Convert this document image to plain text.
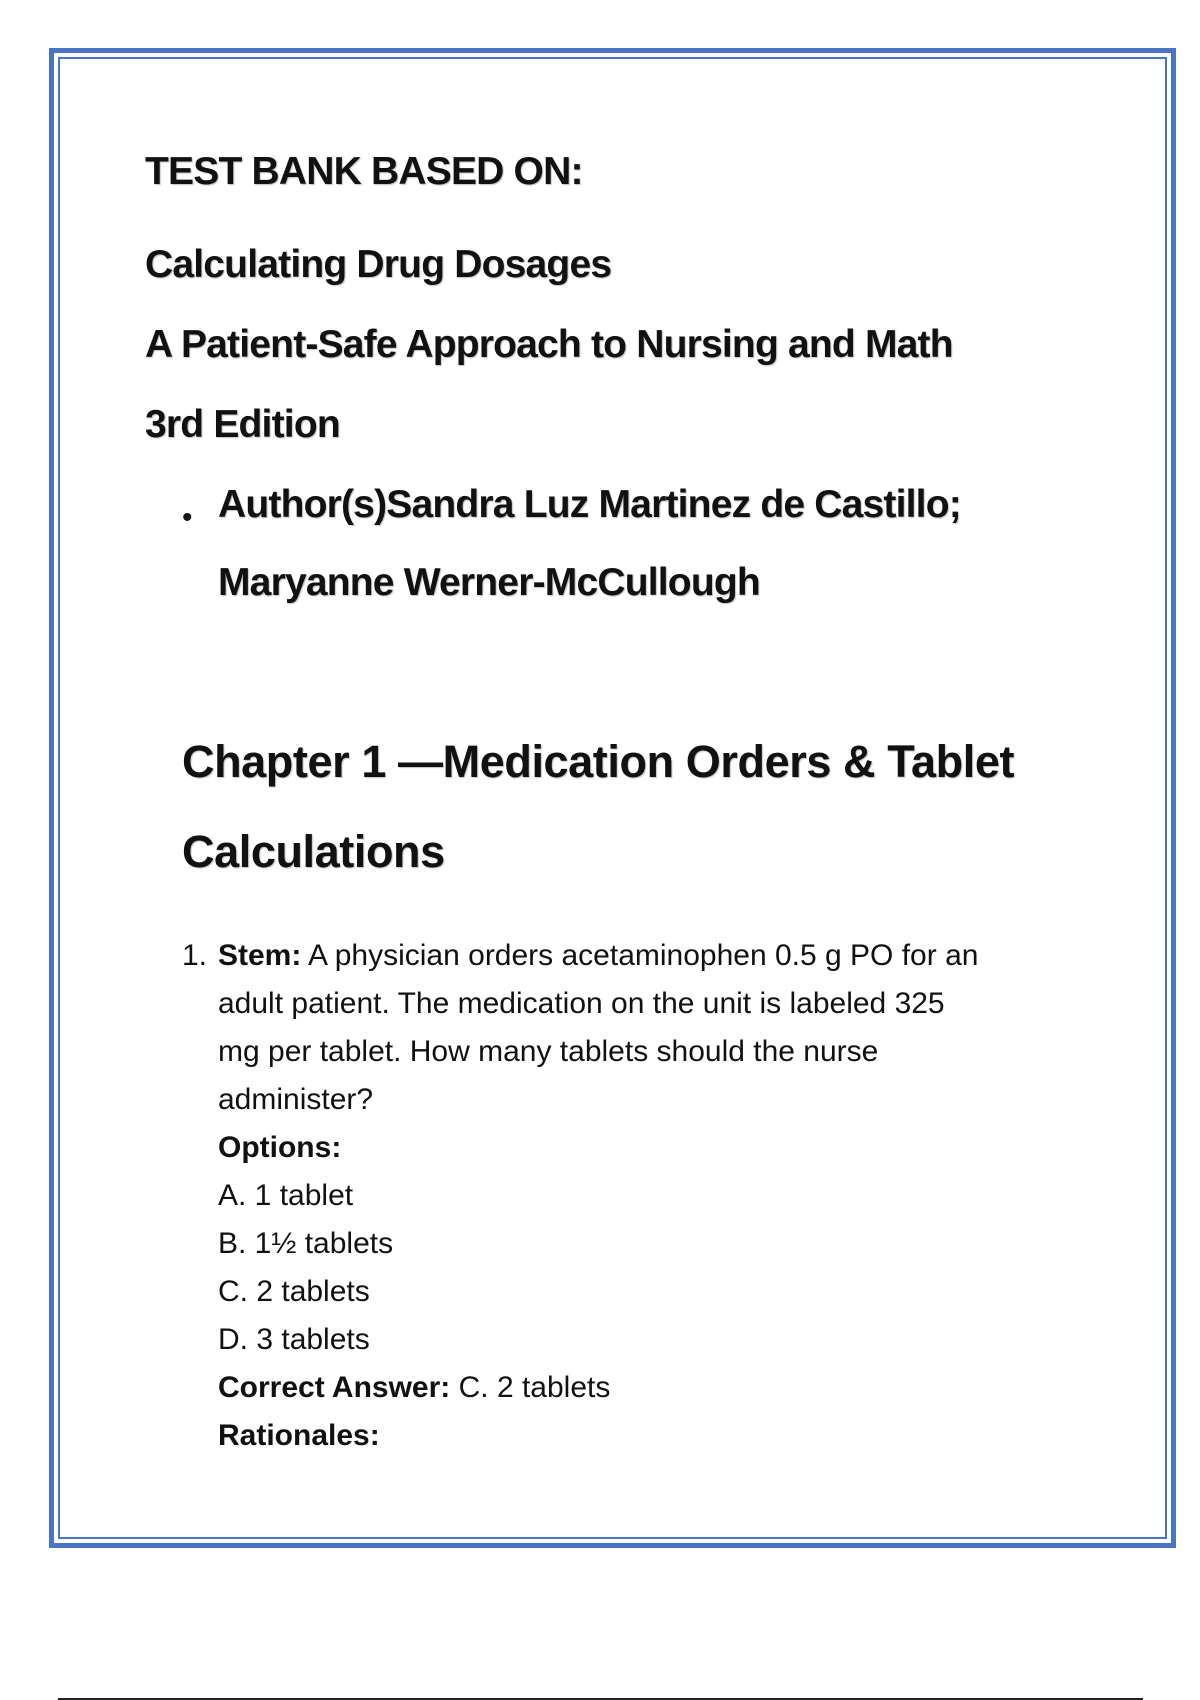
TEST BANK BASED ON:

Calculating Drug Dosages

A Patient-Safe Approach to Nursing and Math

3rd Edition

• Author(s)Sandra Luz Martinez de Castillo;

Maryanne Werner-McCullough

Chapter 1 —Medication Orders & Tablet

Calculations

1. Stem: A physician orders acetaminophen 0.5 g PO for an
adult patient. The medication on the unit is labeled 325
mg per tablet. How many tablets should the nurse
administer?
Options:
A. 1 tablet
B. 1½ tablets
C. 2 tablets
D. 3 tablets
Correct Answer: C. 2 tablets
Rationales:
